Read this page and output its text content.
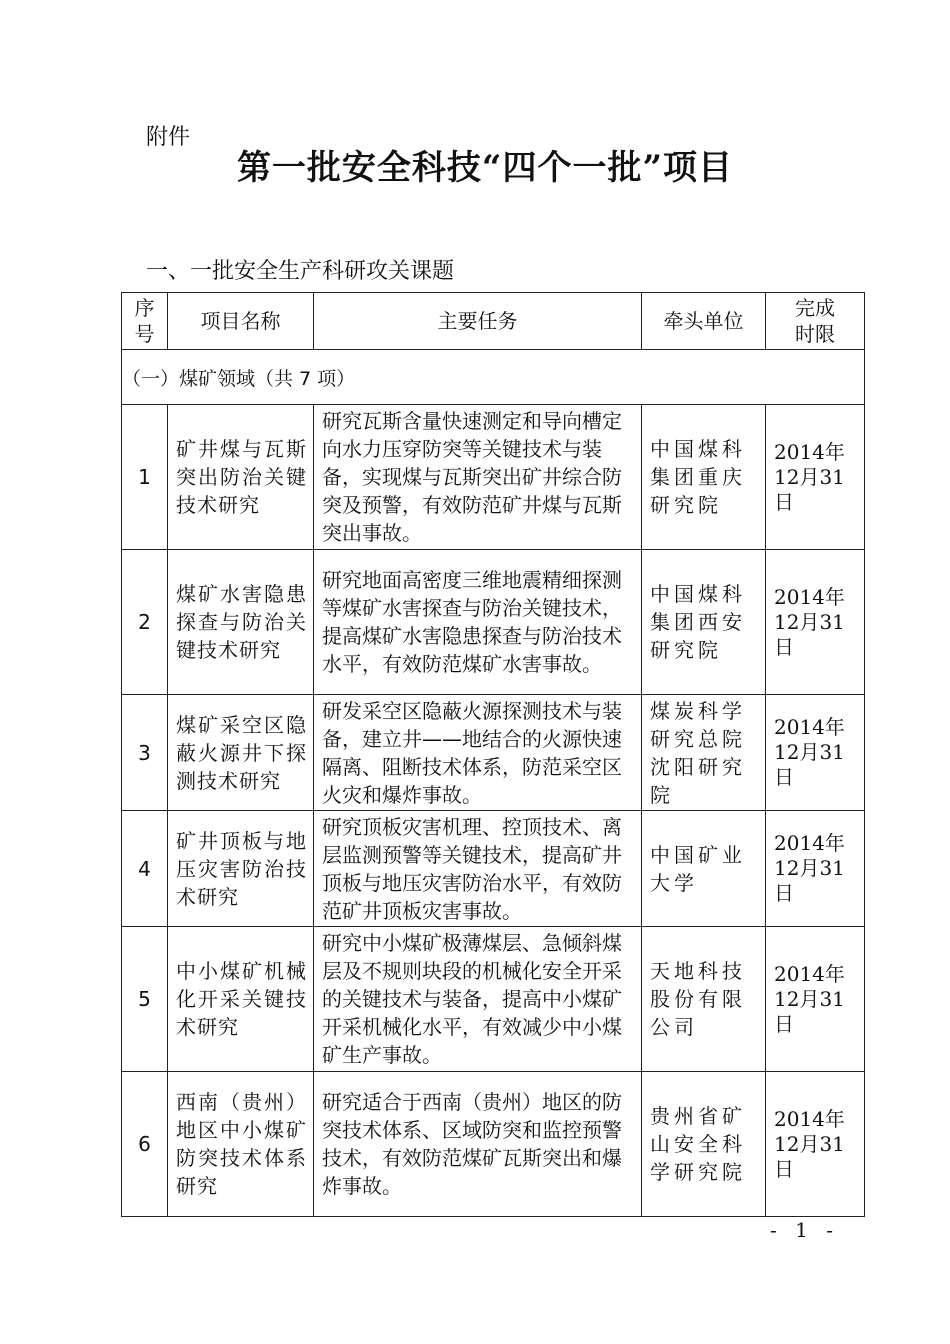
附件
第一批安全科技“四个一批”项目
一、一批安全生产科研攻关课题
序号	项目名称	主要任务	牵头单位	完成时限
（一）煤矿领域（共 7 项）				
1	矿井煤与瓦斯突出防治关键技术研究	研究瓦斯含量快速测定和导向槽定向水力压穿防突等关键技术与装备，实现煤与瓦斯突出矿井综合防突及预警，有效防范矿井煤与瓦斯突出事故。	中国煤科集团重庆研究院	2014年12月31日
2	煤矿水害隐患探查与防治关键技术研究	研究地面高密度三维地震精细探测等煤矿水害探查与防治关键技术，提高煤矿水害隐患探查与防治技术水平，有效防范煤矿水害事故。	中国煤科集团西安研究院	2014年12月31日
3	煤矿采空区隐蔽火源井下探测技术研究	研发采空区隐蔽火源探测技术与装备，建立井——地结合的火源快速隔离、阻断技术体系，防范采空区火灾和爆炸事故。	煤炭科学研究总院沈阳研究院	2014年12月31日
4	矿井顶板与地压灾害防治技术研究	研究顶板灾害机理、控顶技术、离层监测预警等关键技术，提高矿井顶板与地压灾害防治水平，有效防范矿井顶板灾害事故。	中国矿业大学	2014年12月31日
5	中小煤矿机械化开采关键技术研究	研究中小煤矿极薄煤层、急倾斜煤层及不规则块段的机械化安全开采的关键技术与装备，提高中小煤矿开采机械化水平，有效减少中小煤矿生产事故。	天地科技股份有限公司	2014年12月31日
6	西南（贵州）地区中小煤矿防突技术体系研究	研究适合于西南（贵州）地区的防突技术体系、区域防突和监控预警技术，有效防范煤矿瓦斯突出和爆炸事故。	贵州省矿山安全科学研究院	2014年12月31日
- 1 -
